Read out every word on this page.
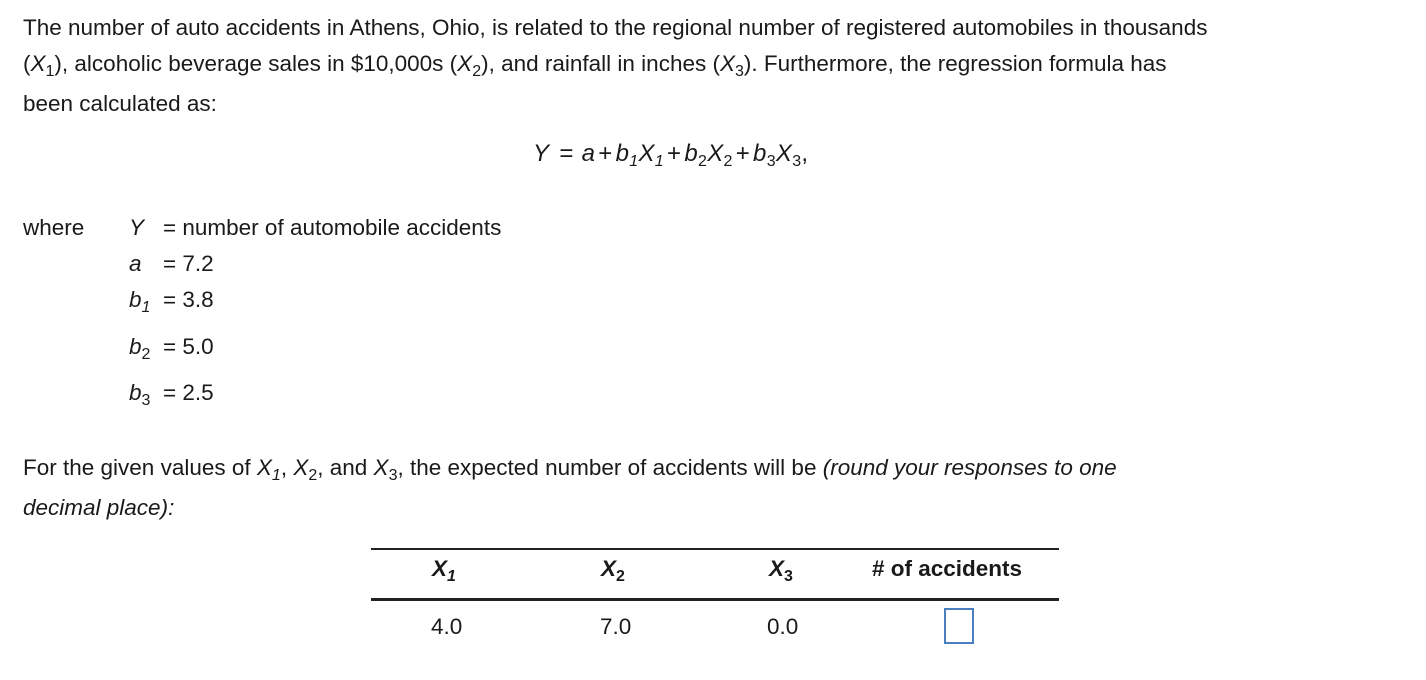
The number of auto accidents in Athens, Ohio, is related to the regional number of registered automobiles in thousands
$(X_1)$, alcoholic beverage sales in $10,000s $(X_2)$, and rainfall in inches $(X_3)$. Furthermore, the regression formula has
been calculated as:
$Y = a + b_1X_1 + b_2X_2 + b_3X_3$,
where Y = number of automobile accidents
a = 7.2
$b_1 = 3.8$
$b_2 = 5.0$
$b_3 = 2.5$
For the given values of $X_1$, $X_2$, and $X_3$, the expected number of accidents will be (round your responses to one
decimal place):
$X_1$	$X_2$	$X_3$	# of accidents
4.0	7.0	0.0
